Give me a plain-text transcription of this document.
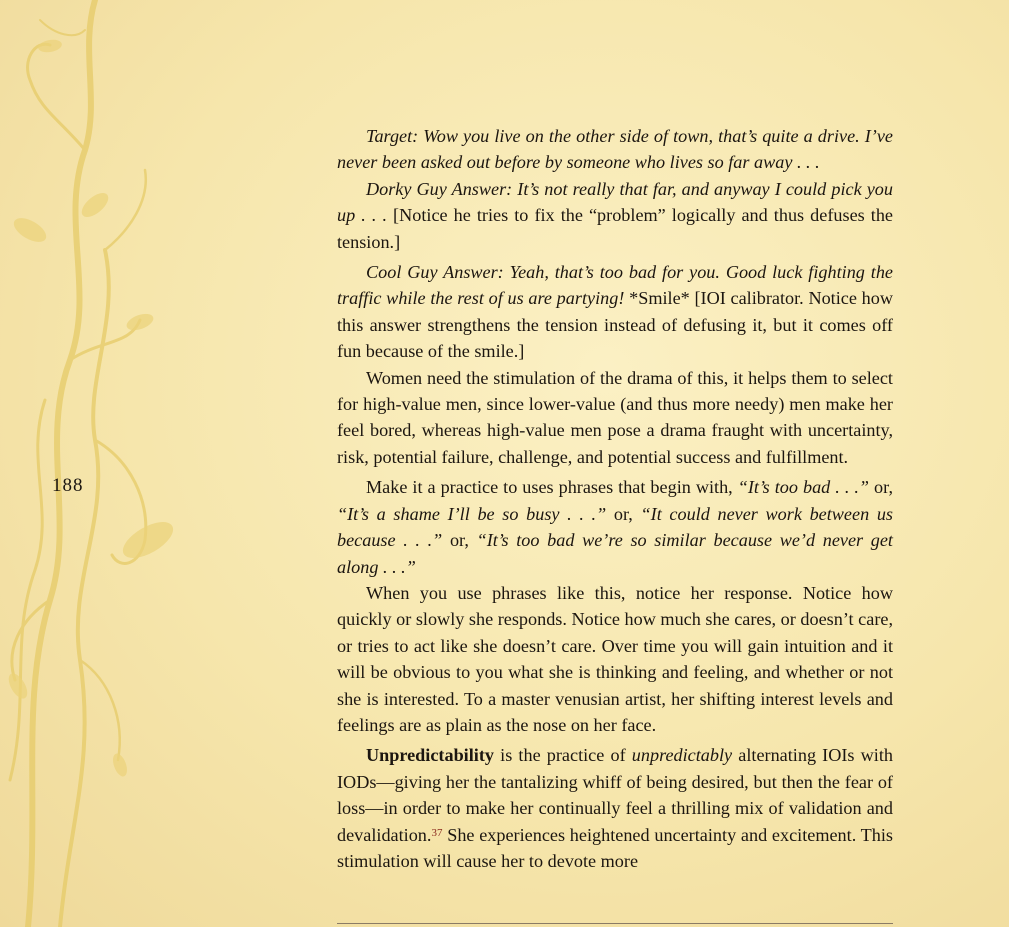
188

Target: Wow you live on the other side of town, that’s quite a drive. I’ve never been asked out before by someone who lives so far away . . .

Dorky Guy Answer: It’s not really that far, and anyway I could pick you up . . . [Notice he tries to fix the “problem” logically and thus defuses the tension.]

Cool Guy Answer: Yeah, that’s too bad for you. Good luck fighting the traffic while the rest of us are partying! *Smile* [IOI calibrator. Notice how this answer strengthens the tension instead of defusing it, but it comes off fun because of the smile.]

Women need the stimulation of the drama of this, it helps them to select for high-value men, since lower-value (and thus more needy) men make her feel bored, whereas high-value men pose a drama fraught with uncertainty, risk, potential failure, challenge, and potential success and fulfillment.

Make it a practice to uses phrases that begin with, “It’s too bad . . .” or, “It’s a shame I’ll be so busy . . .” or, “It could never work between us because . . .” or, “It’s too bad we’re so similar because we’d never get along . . .”

When you use phrases like this, notice her response. Notice how quickly or slowly she responds. Notice how much she cares, or doesn’t care, or tries to act like she doesn’t care. Over time you will gain intuition and it will be obvious to you what she is thinking and feeling, and whether or not she is interested. To a master venusian artist, her shifting interest levels and feelings are as plain as the nose on her face.

Unpredictability is the practice of unpredictably alternating IOIs with IODs—giving her the tantalizing whiff of being desired, but then the fear of loss—in order to make her continually feel a thrilling mix of validation and devalidation.$^{37}$ She experiences heightened uncertainty and excitement. This stimulation will cause her to devote more
